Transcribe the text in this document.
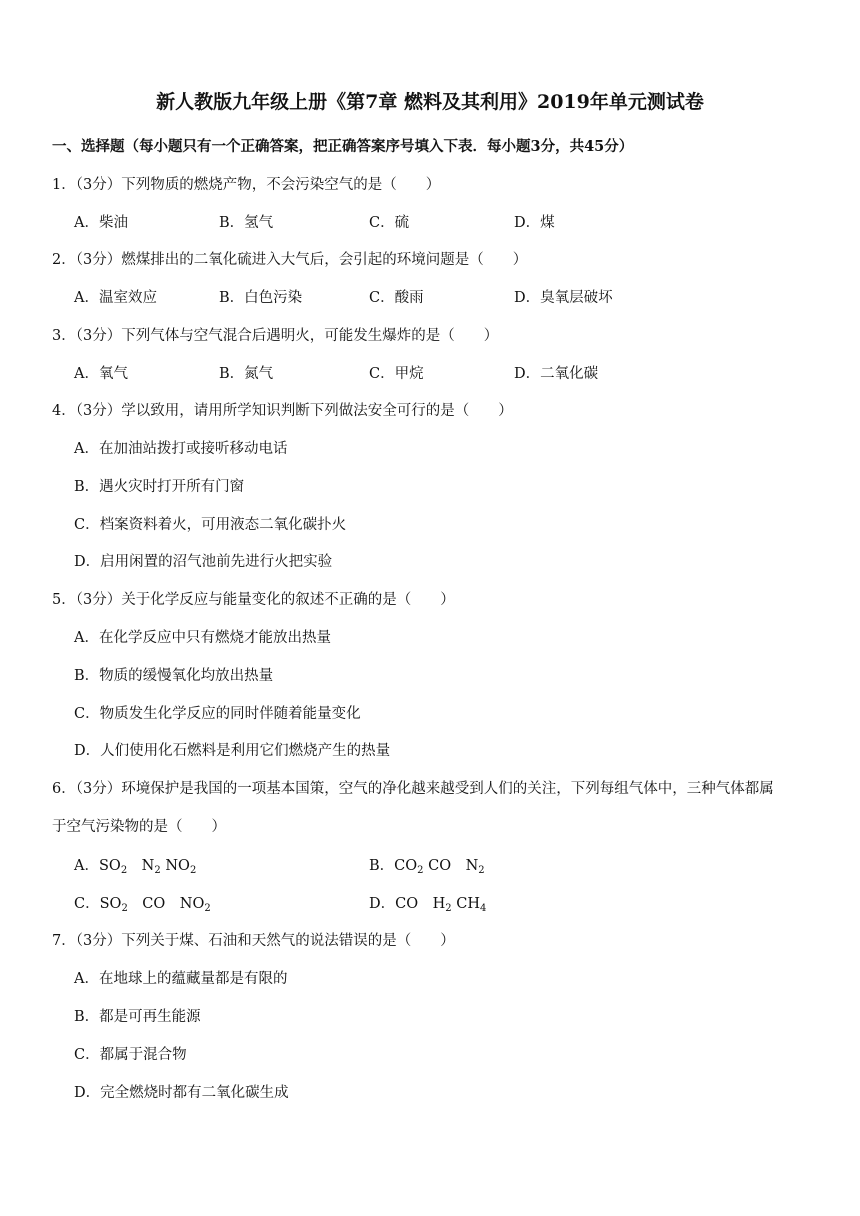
新人教版九年级上册《第7章 燃料及其利用》2019年单元测试卷
一、选择题（每小题只有一个正确答案，把正确答案序号填入下表．每小题3分，共45分）
1．（3分）下列物质的燃烧产物，不会污染空气的是（　　）
A．柴油	B．氢气	C．硫	D．煤
2．（3分）燃煤排出的二氧化硫进入大气后，会引起的环境问题是（　　）
A．温室效应	B．白色污染	C．酸雨	D．臭氧层破坏
3．（3分）下列气体与空气混合后遇明火，可能发生爆炸的是（　　）
A．氧气	B．氮气	C．甲烷	D．二氧化碳
4．（3分）学以致用，请用所学知识判断下列做法安全可行的是（　　）
A．在加油站拨打或接听移动电话
B．遇火灾时打开所有门窗
C．档案资料着火，可用液态二氧化碳扑火
D．启用闲置的沼气池前先进行火把实验
5．（3分）关于化学反应与能量变化的叙述不正确的是（　　）
A．在化学反应中只有燃烧才能放出热量
B．物质的缓慢氧化均放出热量
C．物质发生化学反应的同时伴随着能量变化
D．人们使用化石燃料是利用它们燃烧产生的热量
6．（3分）环境保护是我国的一项基本国策，空气的净化越来越受到人们的关注，下列每组气体中，三种气体都属
于空气污染物的是（　　）
A．$SO_2$　$N_2$ $NO_2$	B．$CO_2$ CO　$N_2$
C．$SO_2$　CO　$NO_2$	D．CO　$H_2$ $CH_4$
7．（3分）下列关于煤、石油和天然气的说法错误的是（　　）
A．在地球上的蕴藏量都是有限的
B．都是可再生能源
C．都属于混合物
D．完全燃烧时都有二氧化碳生成
